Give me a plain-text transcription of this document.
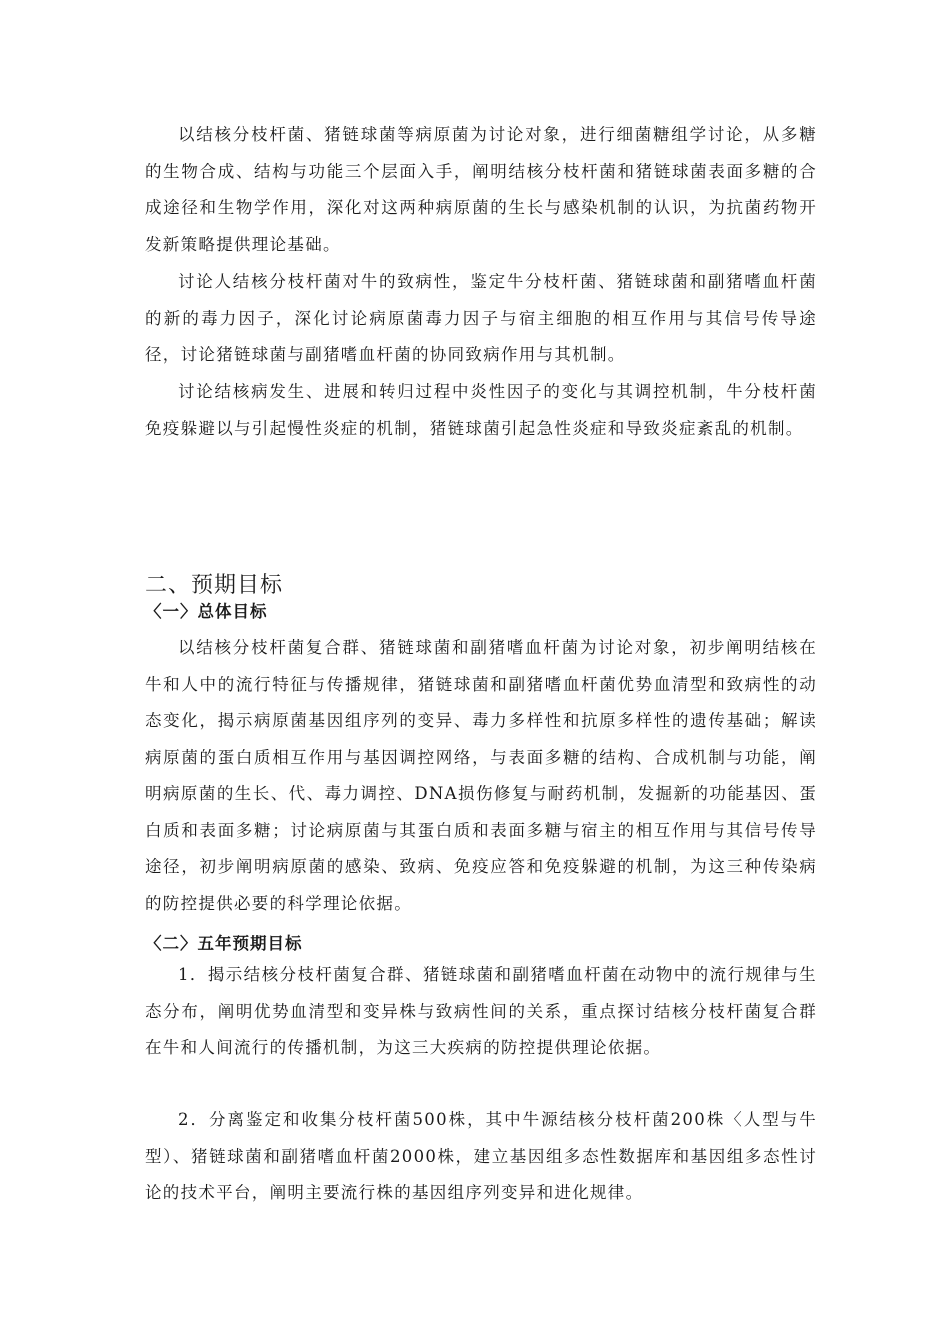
以结核分枝杆菌、猪链球菌等病原菌为讨论对象，进行细菌糖组学讨论，从多糖的生物合成、结构与功能三个层面入手，阐明结核分枝杆菌和猪链球菌表面多糖的合成途径和生物学作用，深化对这两种病原菌的生长与感染机制的认识，为抗菌药物开发新策略提供理论基础。

讨论人结核分枝杆菌对牛的致病性，鉴定牛分枝杆菌、猪链球菌和副猪嗜血杆菌的新的毒力因子，深化讨论病原菌毒力因子与宿主细胞的相互作用与其信号传导途径，讨论猪链球菌与副猪嗜血杆菌的协同致病作用与其机制。

讨论结核病发生、进展和转归过程中炎性因子的变化与其调控机制，牛分枝杆菌免疫躲避以与引起慢性炎症的机制，猪链球菌引起急性炎症和导致炎症紊乱的机制。

二、预期目标
〈一〉总体目标

以结核分枝杆菌复合群、猪链球菌和副猪嗜血杆菌为讨论对象，初步阐明结核在牛和人中的流行特征与传播规律，猪链球菌和副猪嗜血杆菌优势血清型和致病性的动态变化，揭示病原菌基因组序列的变异、毒力多样性和抗原多样性的遗传基础；解读病原菌的蛋白质相互作用与基因调控网络，与表面多糖的结构、合成机制与功能，阐明病原菌的生长、代、毒力调控、DNA损伤修复与耐药机制，发掘新的功能基因、蛋白质和表面多糖；讨论病原菌与其蛋白质和表面多糖与宿主的相互作用与其信号传导途径，初步阐明病原菌的感染、致病、免疫应答和免疫躲避的机制，为这三种传染病的防控提供必要的科学理论依据。

〈二〉五年预期目标

1．揭示结核分枝杆菌复合群、猪链球菌和副猪嗜血杆菌在动物中的流行规律与生态分布，阐明优势血清型和变异株与致病性间的关系，重点探讨结核分枝杆菌复合群在牛和人间流行的传播机制，为这三大疾病的防控提供理论依据。

2．分离鉴定和收集分枝杆菌500株，其中牛源结核分枝杆菌200株〈人型与牛型）、猪链球菌和副猪嗜血杆菌2000株，建立基因组多态性数据库和基因组多态性讨论的技术平台，阐明主要流行株的基因组序列变异和进化规律。
